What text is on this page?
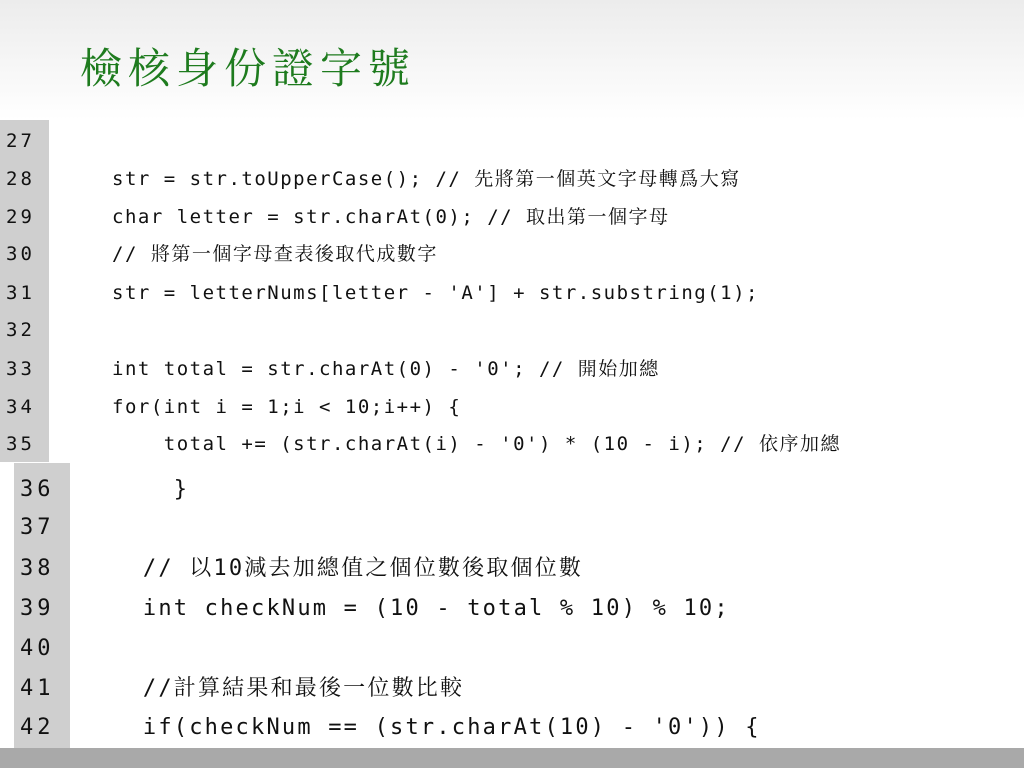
檢核身份證字號
27
28	str = str.toUpperCase(); // 先將第一個英文字母轉爲大寫
29	char letter = str.charAt(0); // 取出第一個字母
30	// 將第一個字母查表後取代成數字
31	str = letterNums[letter - 'A'] + str.substring(1);
32
33	int total = str.charAt(0) - '0'; // 開始加總
34	for(int i = 1;i < 10;i++) {
35	total += (str.charAt(i) - '0') * (10 - i); // 依序加總
36	}
37
38	// 以10減去加總值之個位數後取個位數
39	int checkNum = (10 - total % 10) % 10;
40
41	//計算結果和最後一位數比較
42	if(checkNum == (str.charAt(10) - '0')) {
